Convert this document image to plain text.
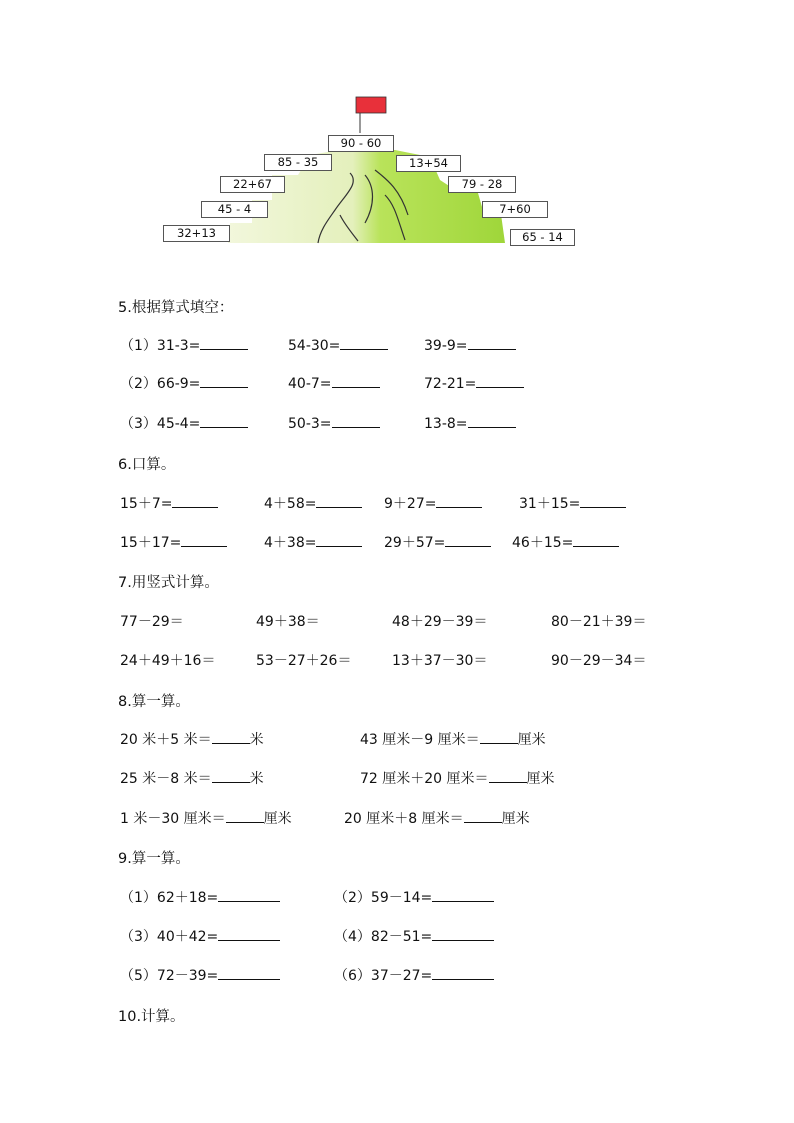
90 - 60
85 - 35
22+67
45 - 4
32+13
13+54
79 - 28
7+60
65 - 14
5.根据算式填空：
（1）31-3=	54-30=	39-9=
（2）66-9=	40-7=	72-21=
（3）45-4=	50-3=	13-8=
6.口算。
15＋7=	4＋58=	9＋27=	31＋15=
15＋17=	4＋38=	29＋57=	46＋15=
7.用竖式计算。
77－29＝	49＋38＝	48＋29－39＝	80－21＋39＝
24＋49＋16＝	53－27＋26＝	13＋37－30＝	90－29－34＝
8.算一算。
20 米＋5 米＝	米	43 厘米－9 厘米＝	厘米
25 米－8 米＝	米	72 厘米＋20 厘米＝	厘米
1 米－30 厘米＝	厘米	20 厘米＋8 厘米＝	厘米
9.算一算。
（1）62＋18=	（2）59－14=
（3）40＋42=	（4）82－51=
（5）72－39=	（6）37－27=
10.计算。
